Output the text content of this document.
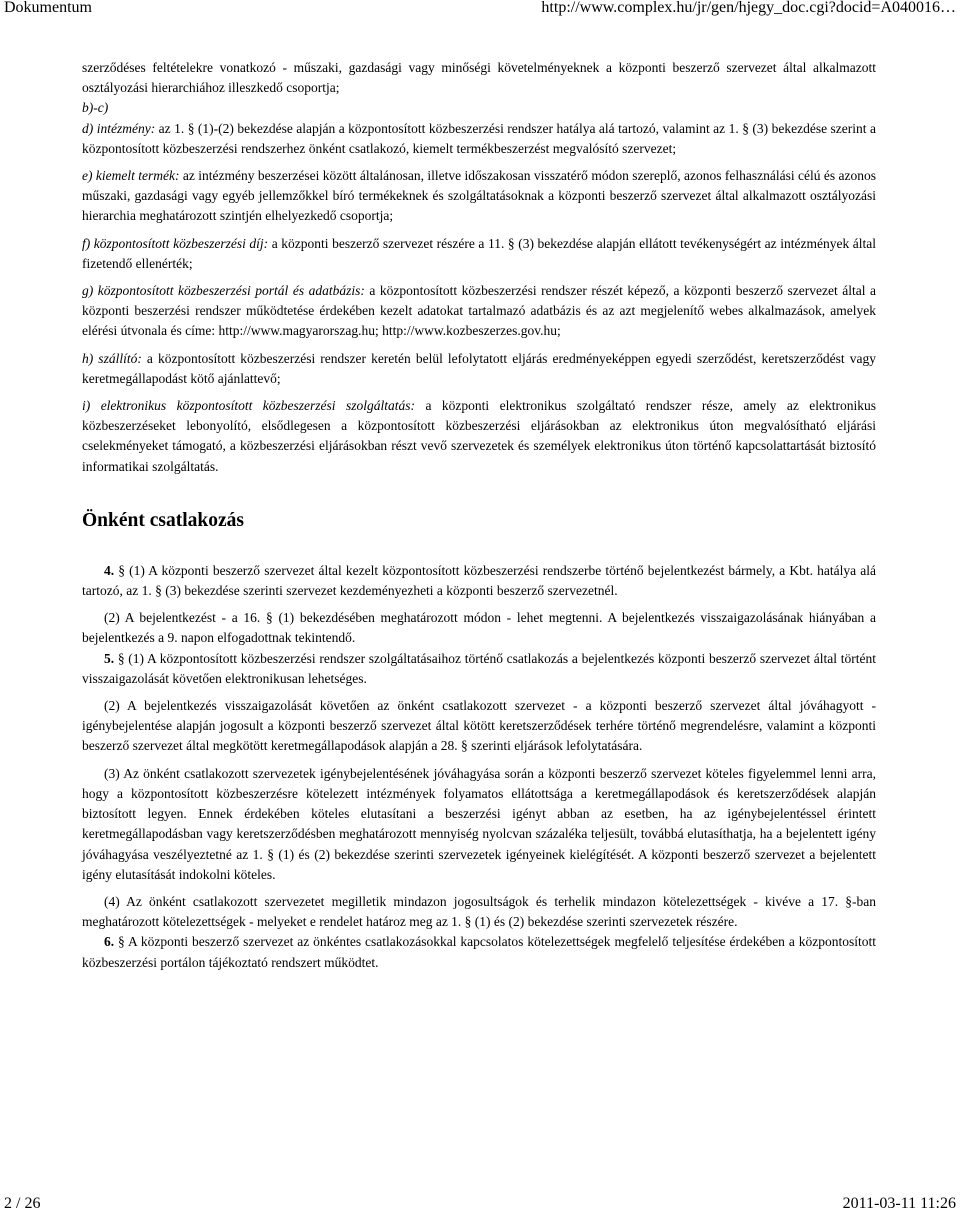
Dokumentum	http://www.complex.hu/jr/gen/hjegy_doc.cgi?docid=A040016…

szerződéses feltételekre vonatkozó - műszaki, gazdasági vagy minőségi követelményeknek a központi beszerző szervezet által alkalmazott osztályozási hierarchiához illeszkedő csoportja;

b)-c)

d) intézmény: az 1. § (1)-(2) bekezdése alapján a központosított közbeszerzési rendszer hatálya alá tartozó, valamint az 1. § (3) bekezdése szerint a központosított közbeszerzési rendszerhez önként csatlakozó, kiemelt termékbeszerzést megvalósító szervezet;

e) kiemelt termék: az intézmény beszerzései között általánosan, illetve időszakosan visszatérő módon szereplő, azonos felhasználási célú és azonos műszaki, gazdasági vagy egyéb jellemzőkkel bíró termékeknek és szolgáltatásoknak a központi beszerző szervezet által alkalmazott osztályozási hierarchia meghatározott szintjén elhelyezkedő csoportja;

f) központosított közbeszerzési díj: a központi beszerző szervezet részére a 11. § (3) bekezdése alapján ellátott tevékenységért az intézmények által fizetendő ellenérték;

g) központosított közbeszerzési portál és adatbázis: a központosított közbeszerzési rendszer részét képező, a központi beszerző szervezet által a központi beszerzési rendszer működtetése érdekében kezelt adatokat tartalmazó adatbázis és az azt megjelenítő webes alkalmazások, amelyek elérési útvonala és címe: http://www.magyarorszag.hu; http://www.kozbeszerzes.gov.hu;

h) szállító: a központosított közbeszerzési rendszer keretén belül lefolytatott eljárás eredményeképpen egyedi szerződést, keretszerződést vagy keretmegállapodást kötő ajánlattevő;

i) elektronikus központosított közbeszerzési szolgáltatás: a központi elektronikus szolgáltató rendszer része, amely az elektronikus közbeszerzéseket lebonyolító, elsődlegesen a központosított közbeszerzési eljárásokban az elektronikus úton megvalósítható eljárási cselekményeket támogató, a közbeszerzési eljárásokban részt vevő szervezetek és személyek elektronikus úton történő kapcsolattartását biztosító informatikai szolgáltatás.

Önként csatlakozás

4. § (1) A központi beszerző szervezet által kezelt központosított közbeszerzési rendszerbe történő bejelentkezést bármely, a Kbt. hatálya alá tartozó, az 1. § (3) bekezdése szerinti szervezet kezdeményezheti a központi beszerző szervezetnél.

(2) A bejelentkezést - a 16. § (1) bekezdésében meghatározott módon - lehet megtenni. A bejelentkezés visszaigazolásának hiányában a bejelentkezés a 9. napon elfogadottnak tekintendő.

5. § (1) A központosított közbeszerzési rendszer szolgáltatásaihoz történő csatlakozás a bejelentkezés központi beszerző szervezet által történt visszaigazolását követően elektronikusan lehetséges.

(2) A bejelentkezés visszaigazolását követően az önként csatlakozott szervezet - a központi beszerző szervezet által jóváhagyott - igénybejelentése alapján jogosult a központi beszerző szervezet által kötött keretszerződések terhére történő megrendelésre, valamint a központi beszerző szervezet által megkötött keretmegállapodások alapján a 28. § szerinti eljárások lefolytatására.

(3) Az önként csatlakozott szervezetek igénybejelentésének jóváhagyása során a központi beszerző szervezet köteles figyelemmel lenni arra, hogy a központosított közbeszerzésre kötelezett intézmények folyamatos ellátottsága a keretmegállapodások és keretszerződések alapján biztosított legyen. Ennek érdekében köteles elutasítani a beszerzési igényt abban az esetben, ha az igénybejelentéssel érintett keretmegállapodásban vagy keretszerződésben meghatározott mennyiség nyolcvan százaléka teljesült, továbbá elutasíthatja, ha a bejelentett igény jóváhagyása veszélyeztetné az 1. § (1) és (2) bekezdése szerinti szervezetek igényeinek kielégítését. A központi beszerző szervezet a bejelentett igény elutasítását indokolni köteles.

(4) Az önként csatlakozott szervezetet megilletik mindazon jogosultságok és terhelik mindazon kötelezettségek - kivéve a 17. §-ban meghatározott kötelezettségek - melyeket e rendelet határoz meg az 1. § (1) és (2) bekezdése szerinti szervezetek részére.

6. § A központi beszerző szervezet az önkéntes csatlakozásokkal kapcsolatos kötelezettségek megfelelő teljesítése érdekében a központosított közbeszerzési portálon tájékoztató rendszert működtet.

2 / 26	2011-03-11 11:26
